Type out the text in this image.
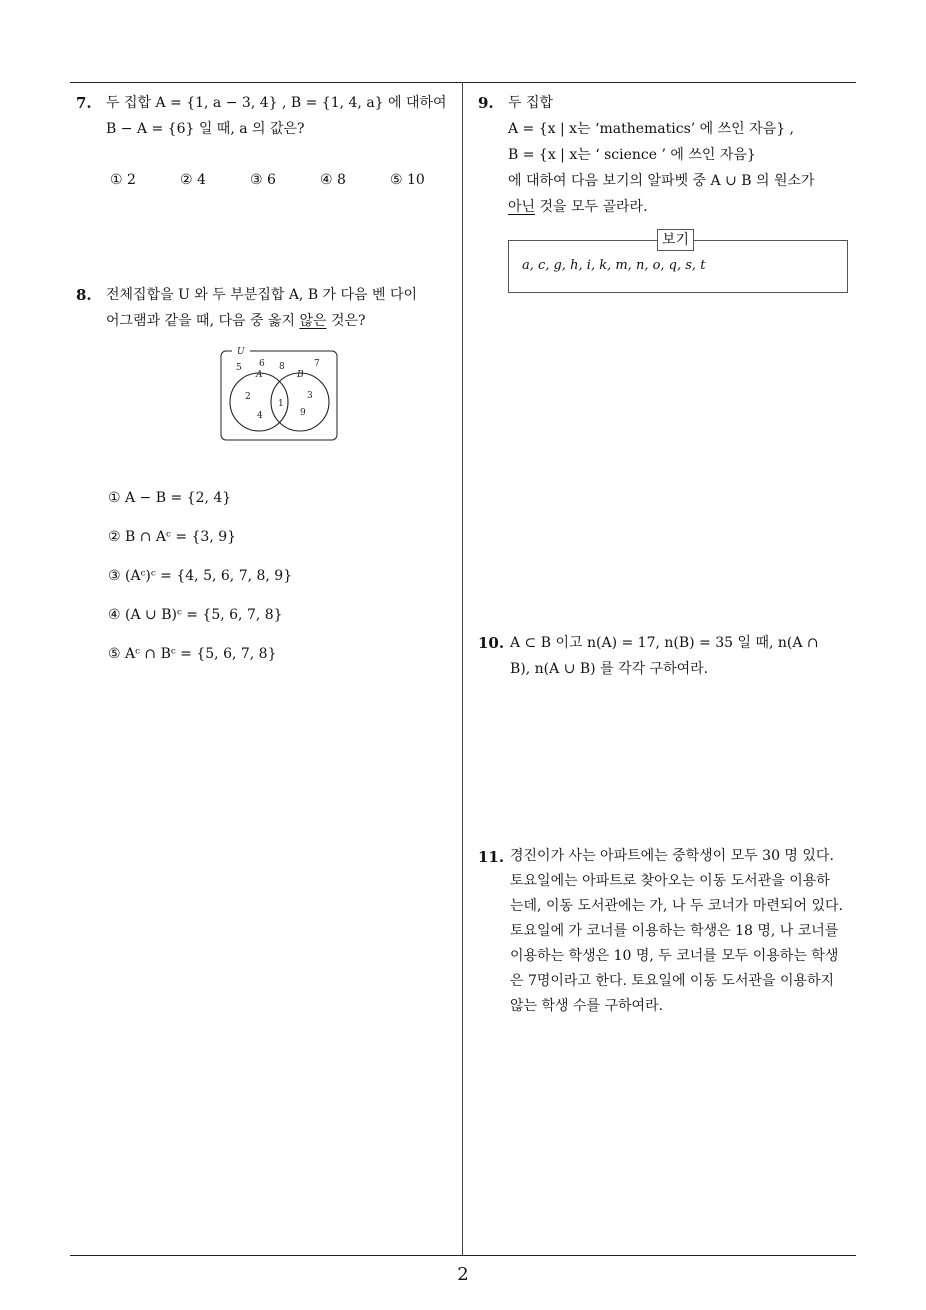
7. 두 집합 A = {1, a − 3, 4} , B = {1, 4, a} 에 대하여
B − A = {6} 일 때, a 의 값은?
① 2	② 4	③ 6	④ 8	⑤ 10
8. 전체집합을 U 와 두 부분집합 A, B 가 다음 벤 다이
어그램과 같을 때, 다음 중 옳지 않은 것은?
U
A	B
5 6 8	7
2
4
1
3
9
① A − B = {2, 4}
② B ∩ Aᶜ = {3, 9}
③ (Aᶜ)ᶜ = {4, 5, 6, 7, 8, 9}
④ (A ∪ B)ᶜ = {5, 6, 7, 8}
⑤ Aᶜ ∩ Bᶜ = {5, 6, 7, 8}
9. 두 집합
A = {x | x는 ‘mathematics’ 에 쓰인 자음} ,
B = {x | x는 ‘ science ’ 에 쓰인 자음}
에 대하여 다음 보기의 알파벳 중 A ∪ B 의 원소가
아닌 것을 모두 골라라.
보기
a, c, g, h, i, k, m, n, o, q, s, t
10. A ⊂ B 이고 n(A) = 17, n(B) = 35 일 때, n(A ∩
B), n(A ∪ B) 를 각각 구하여라.
11. 경진이가 사는 아파트에는 중학생이 모두 30 명 있다.
토요일에는 아파트로 찾아오는 이동 도서관을 이용하
는데, 이동 도서관에는 가, 나 두 코너가 마련되어 있다.
토요일에 가 코너를 이용하는 학생은 18 명, 나 코너를
이용하는 학생은 10 명, 두 코너를 모두 이용하는 학생
은 7명이라고 한다. 토요일에 이동 도서관을 이용하지
않는 학생 수를 구하여라.
2
